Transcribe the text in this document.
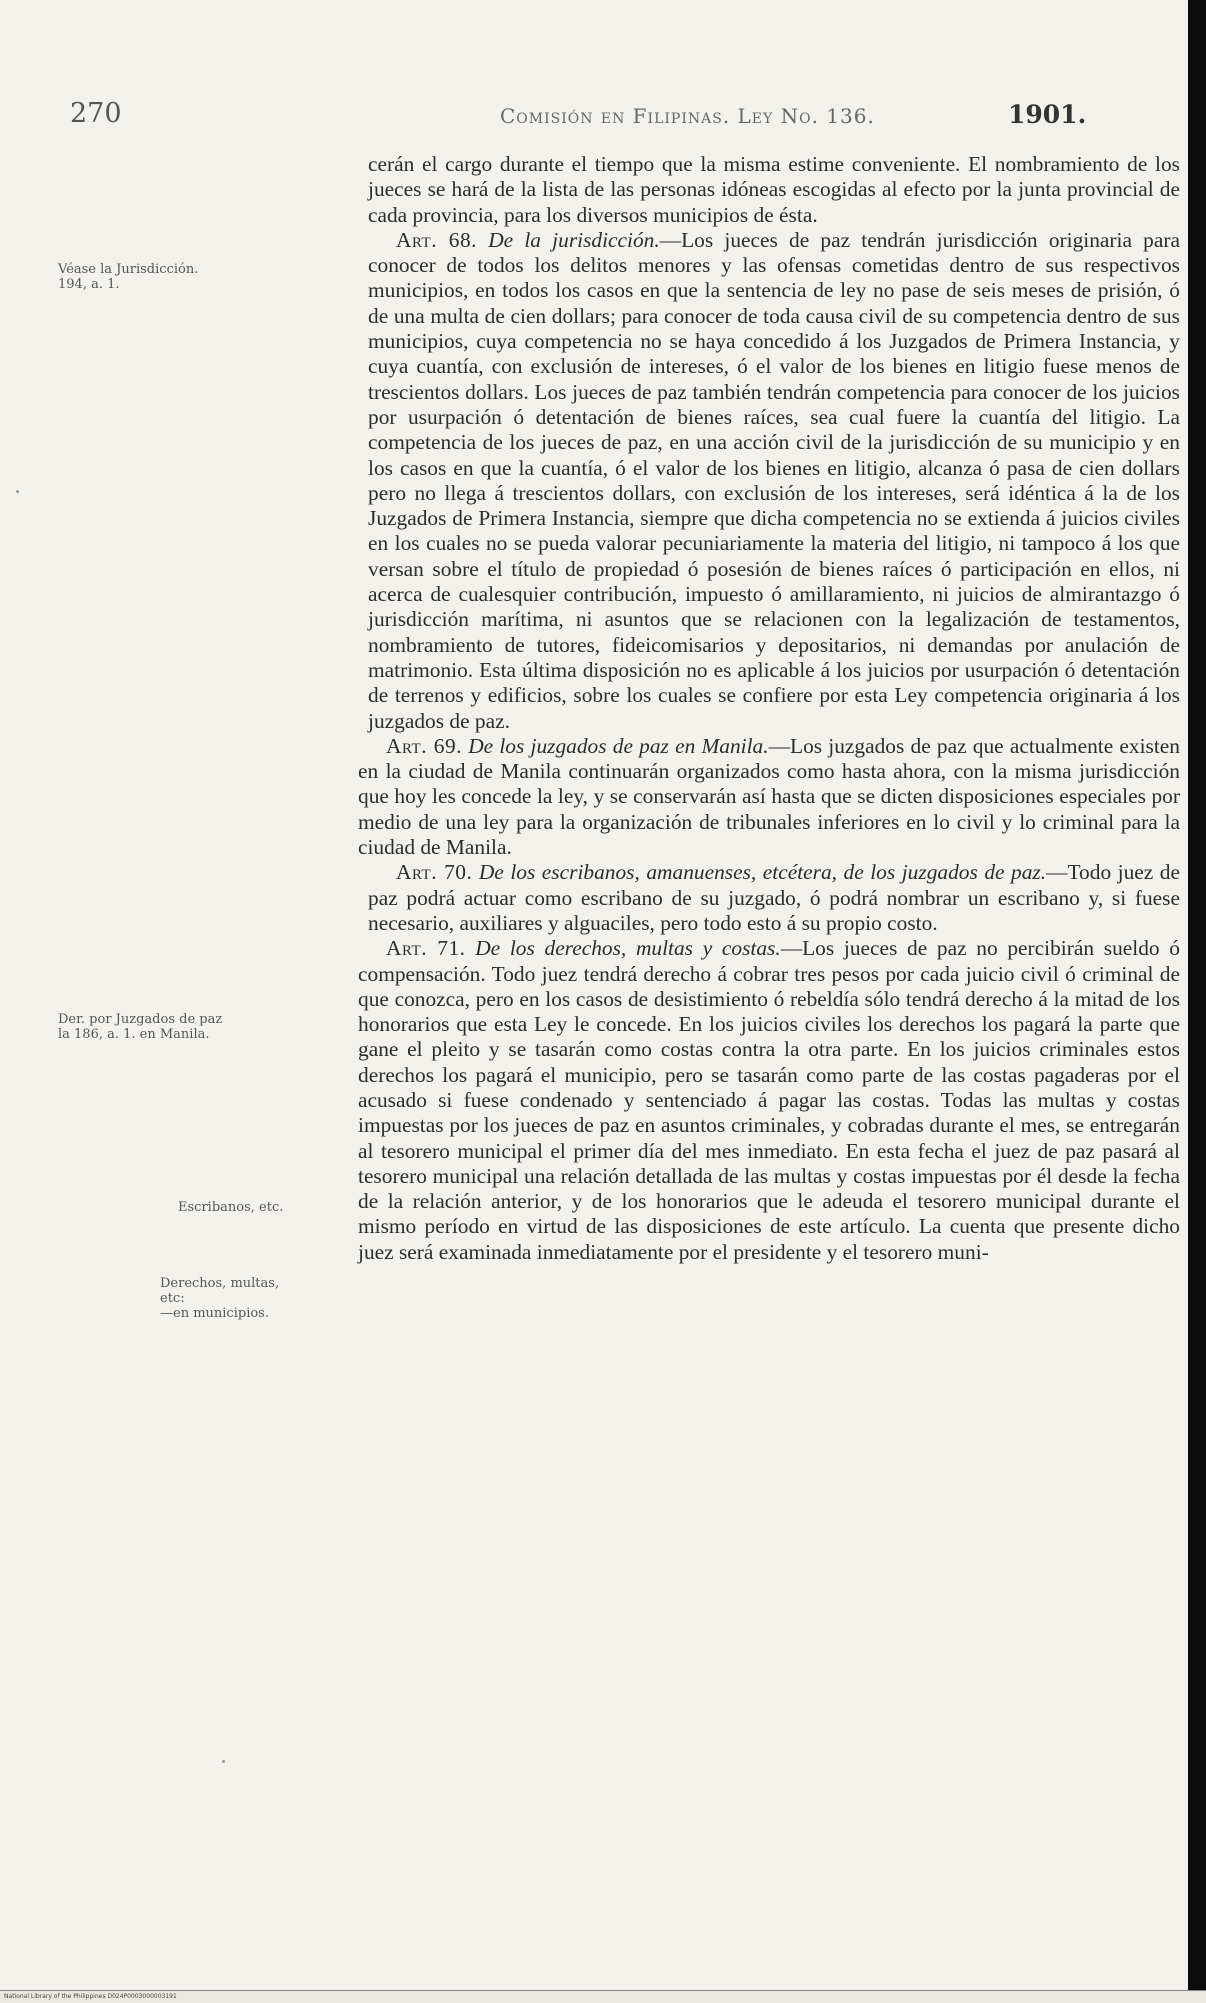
270	Comisión en Filipinas. Ley No. 136.	1901.
Véase la Jurisdicción.
194, a. 1.
Der. por Juzgados de paz
la 186, a. 1. en Manila.
Escribanos, etc.
Derechos, multas,
etc:
—en municipios.

cerán el cargo durante el tiempo que la misma estime conveniente. El nombramiento de los jueces se hará de la lista de las personas idóneas escogidas al efecto por la junta provincial de cada provincia, para los diversos municipios de ésta.

Art. 68. De la jurisdicción.—Los jueces de paz tendrán jurisdicción originaria para conocer de todos los delitos menores y las ofensas cometidas dentro de sus respectivos municipios, en todos los casos en que la sentencia de ley no pase de seis meses de prisión, ó de una multa de cien dollars; para conocer de toda causa civil de su competencia dentro de sus municipios, cuya competencia no se haya concedido á los Juzgados de Primera Instancia, y cuya cuantía, con exclusión de intereses, ó el valor de los bienes en litigio fuese menos de trescientos dollars. Los jueces de paz también tendrán competencia para conocer de los juicios por usurpación ó detentación de bienes raíces, sea cual fuere la cuantía del litigio. La competencia de los jueces de paz, en una acción civil de la jurisdicción de su municipio y en los casos en que la cuantía, ó el valor de los bienes en litigio, alcanza ó pasa de cien dollars pero no llega á trescientos dollars, con exclusión de los intereses, será idéntica á la de los Juzgados de Primera Instancia, siempre que dicha competencia no se extienda á juicios civiles en los cuales no se pueda valorar pecuniariamente la materia del litigio, ni tampoco á los que versan sobre el título de propiedad ó posesión de bienes raíces ó participación en ellos, ni acerca de cualesquier contribución, impuesto ó amillaramiento, ni juicios de almirantazgo ó jurisdicción marítima, ni asuntos que se relacionen con la legalización de testamentos, nombramiento de tutores, fideicomisarios y depositarios, ni demandas por anulación de matrimonio. Esta última disposición no es aplicable á los juicios por usurpación ó detentación de terrenos y edificios, sobre los cuales se confiere por esta Ley competencia originaria á los juzgados de paz.

Art. 69. De los juzgados de paz en Manila.—Los juzgados de paz que actualmente existen en la ciudad de Manila continuarán organizados como hasta ahora, con la misma jurisdicción que hoy les concede la ley, y se conservarán así hasta que se dicten disposiciones especiales por medio de una ley para la organización de tribunales inferiores en lo civil y lo criminal para la ciudad de Manila.

Art. 70. De los escribanos, amanuenses, etcétera, de los juzgados de paz.—Todo juez de paz podrá actuar como escribano de su juzgado, ó podrá nombrar un escribano y, si fuese necesario, auxiliares y alguaciles, pero todo esto á su propio costo.

Art. 71. De los derechos, multas y costas.—Los jueces de paz no percibirán sueldo ó compensación. Todo juez tendrá derecho á cobrar tres pesos por cada juicio civil ó criminal de que conozca, pero en los casos de desistimiento ó rebeldía sólo tendrá derecho á la mitad de los honorarios que esta Ley le concede. En los juicios civiles los derechos los pagará la parte que gane el pleito y se tasarán como costas contra la otra parte. En los juicios criminales estos derechos los pagará el municipio, pero se tasarán como parte de las costas pagaderas por el acusado si fuese condenado y sentenciado á pagar las costas. Todas las multas y costas impuestas por los jueces de paz en asuntos criminales, y cobradas durante el mes, se entregarán al tesorero municipal el primer día del mes inmediato. En esta fecha el juez de paz pasará al tesorero municipal una relación detallada de las multas y costas impuestas por él desde la fecha de la relación anterior, y de los honorarios que le adeuda el tesorero municipal durante el mismo período en virtud de las disposiciones de este artículo. La cuenta que presente dicho juez será examinada inmediatamente por el presidente y el tesorero muni-

National Library of the Philippines D024P0003000003191
